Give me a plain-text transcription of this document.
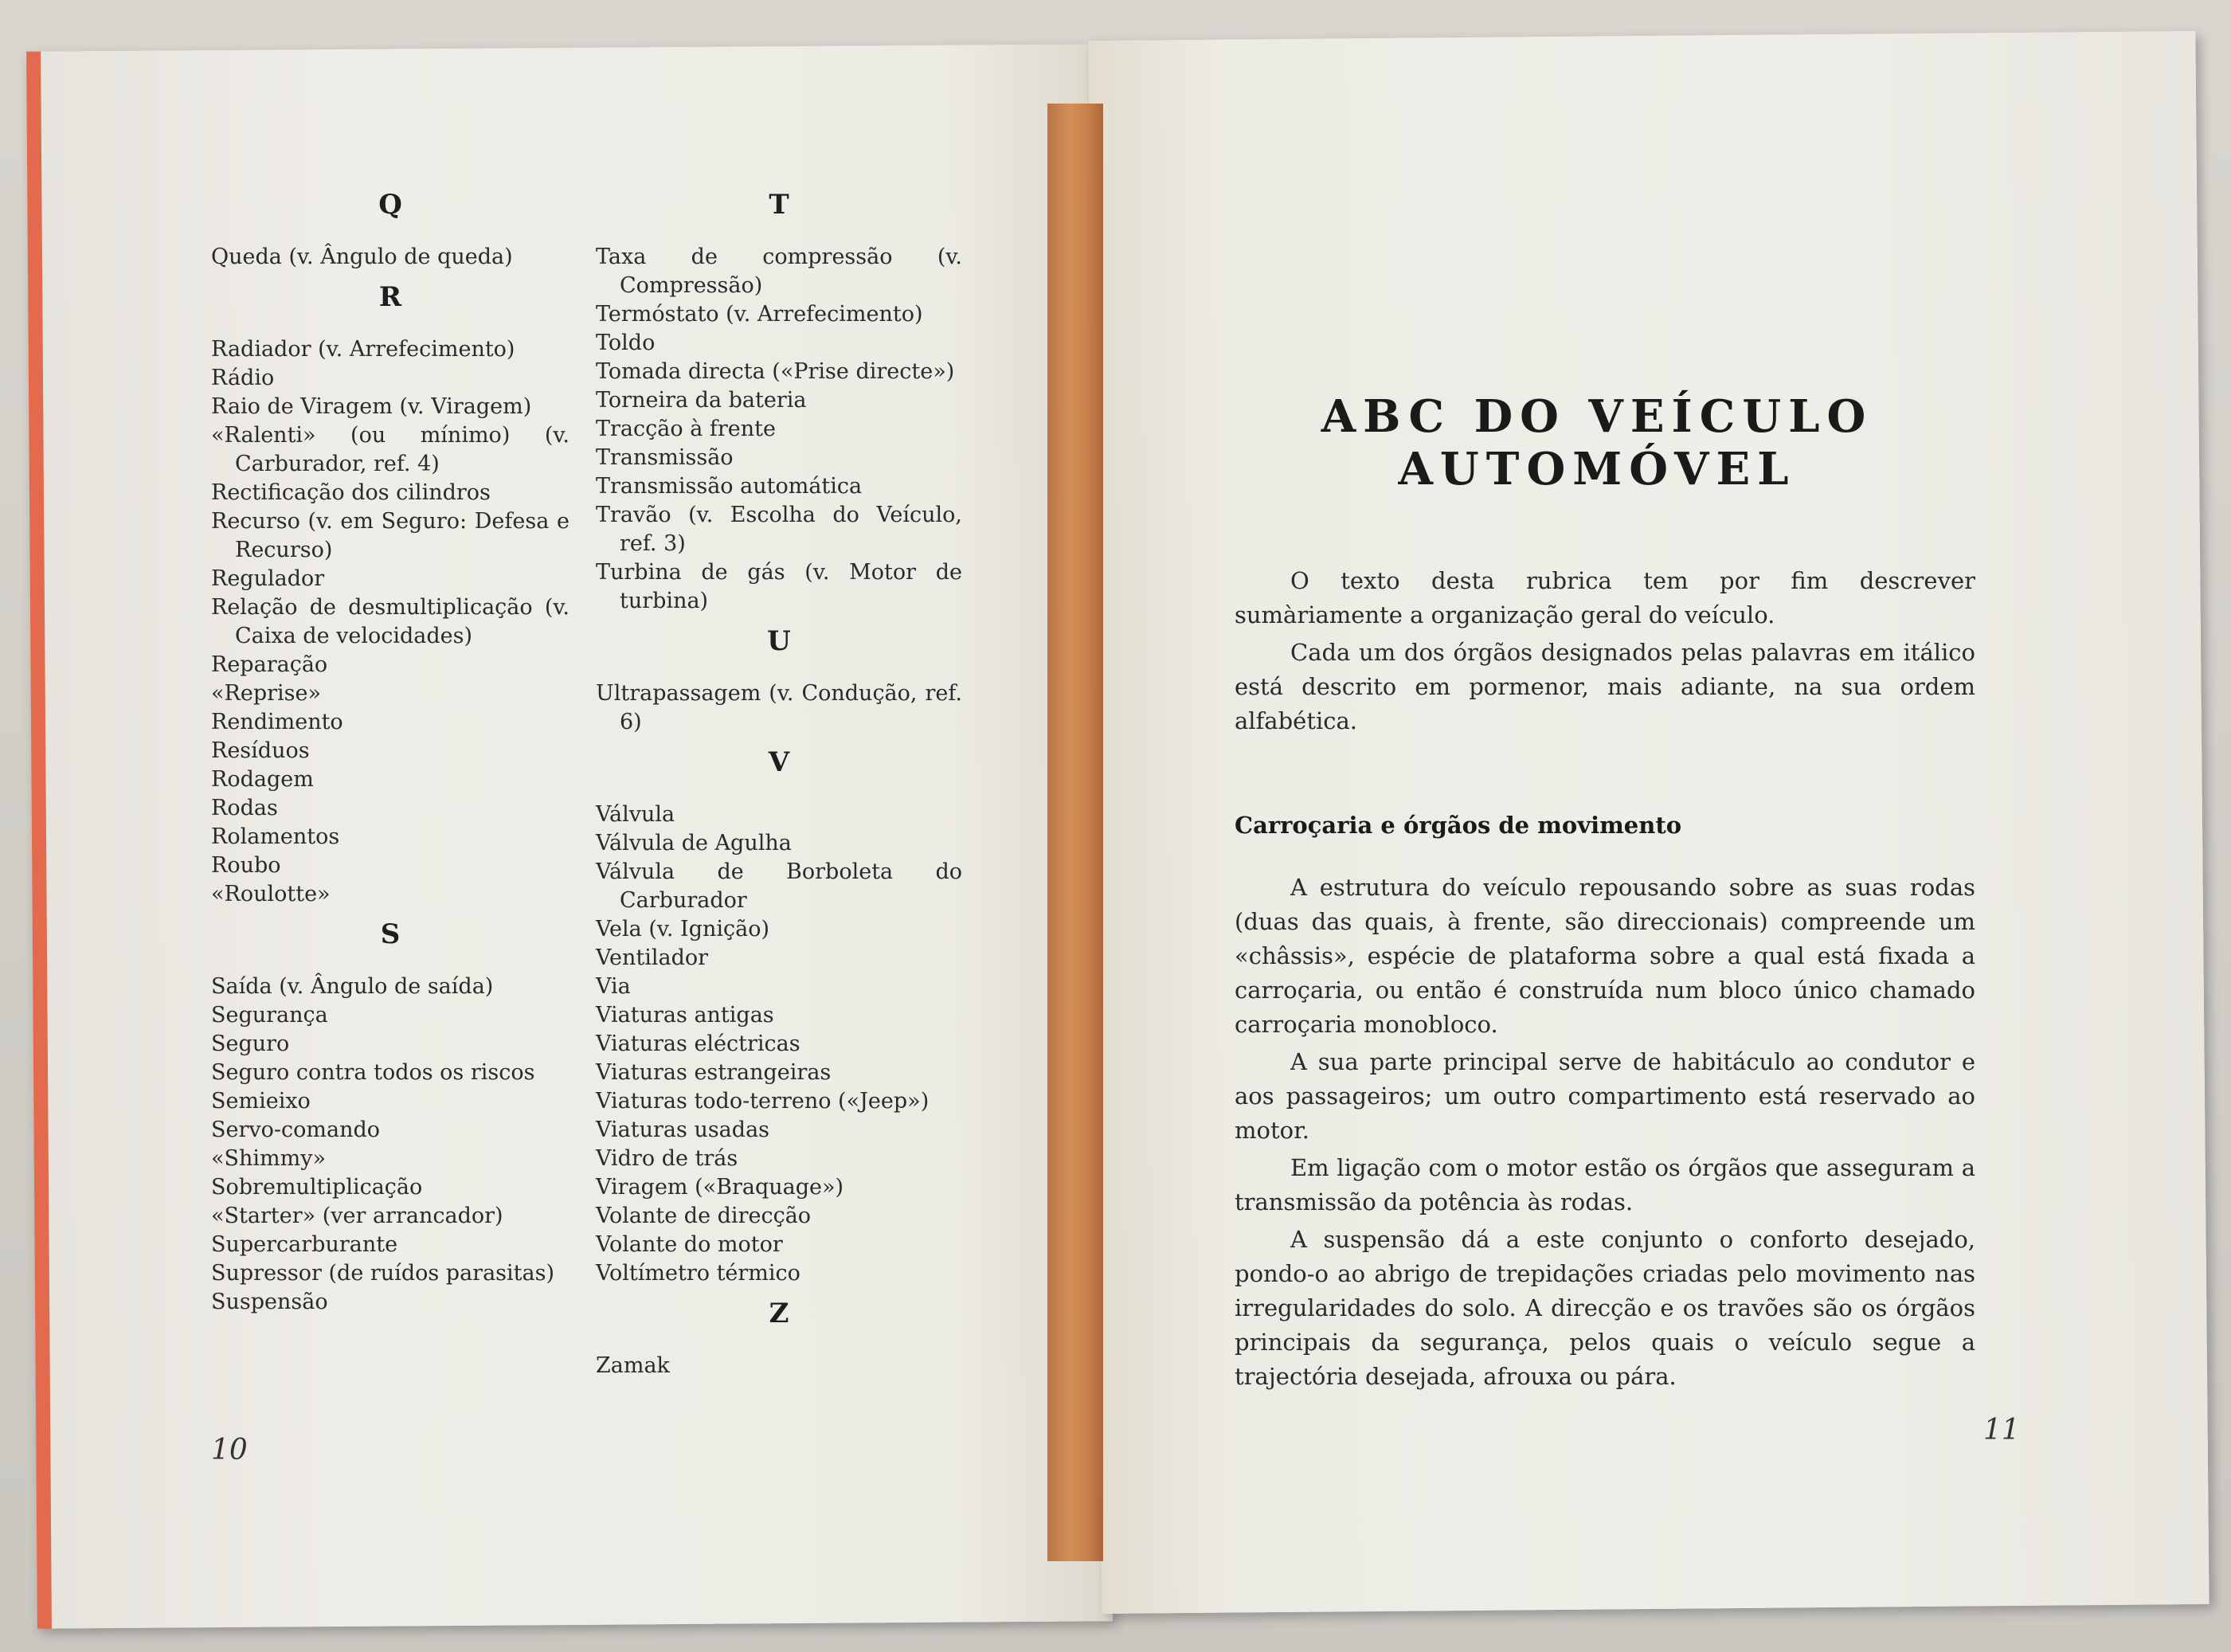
Q
Queda (v. Ângulo de queda)
R
Radiador (v. Arrefecimento)
Rádio
Raio de Viragem (v. Viragem)
«Ralenti» (ou mínimo) (v. Carburador, ref. 4)
Rectificação dos cilindros
Recurso (v. em Seguro: Defesa e Recurso)
Regulador
Relação de desmultiplicação (v. Caixa de velocidades)
Reparação
«Reprise»
Rendimento
Resíduos
Rodagem
Rodas
Rolamentos
Roubo
«Roulotte»
S
Saída (v. Ângulo de saída)
Segurança
Seguro
Seguro contra todos os riscos
Semieixo
Servo-comando
«Shimmy»
Sobremultiplicação
«Starter» (ver arrancador)
Supercarburante
Supressor (de ruídos parasitas)
Suspensão
T
Taxa de compressão (v. Compressão)
Termóstato (v. Arrefecimento)
Toldo
Tomada directa («Prise directe»)
Torneira da bateria
Tracção à frente
Transmissão
Transmissão automática
Travão (v. Escolha do Veículo, ref. 3)
Turbina de gás (v. Motor de turbina)
U
Ultrapassagem (v. Condução, ref. 6)
V
Válvula
Válvula de Agulha
Válvula de Borboleta do Carburador
Vela (v. Ignição)
Ventilador
Via
Viaturas antigas
Viaturas eléctricas
Viaturas estrangeiras
Viaturas todo-terreno («Jeep»)
Viaturas usadas
Vidro de trás
Viragem («Braquage»)
Volante de direcção
Volante do motor
Voltímetro térmico
Z
Zamak
10
ABC DO VEÍCULO
AUTOMÓVEL

O texto desta rubrica tem por fim descrever sumàriamente a organização geral do veículo.

Cada um dos órgãos designados pelas palavras em itálico está descrito em pormenor, mais adiante, na sua ordem alfabética.

Carroçaria e órgãos de movimento

A estrutura do veículo repousando sobre as suas rodas (duas das quais, à frente, são direccionais) compreende um «châssis», espécie de plataforma sobre a qual está fixada a carroçaria, ou então é construída num bloco único chamado carroçaria monobloco.

A sua parte principal serve de habitáculo ao condutor e aos passageiros; um outro compartimento está reservado ao motor.

Em ligação com o motor estão os órgãos que asseguram a transmissão da potência às rodas.

A suspensão dá a este conjunto o conforto desejado, pondo-o ao abrigo de trepidações criadas pelo movimento nas irregularidades do solo. A direcção e os travões são os órgãos principais da segurança, pelos quais o veículo segue a trajectória desejada, afrouxa ou pára.

11
